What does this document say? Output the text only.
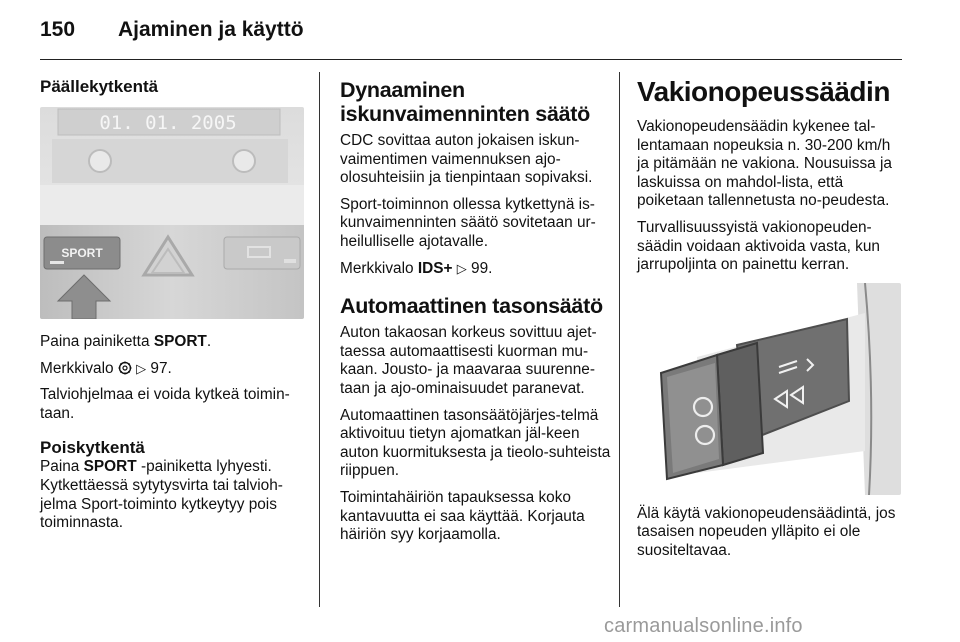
150 Ajaminen ja käyttö
Päällekytkentä
01. 01. 2005
SPORT

Paina painiketta SPORT.

Merkkivalo  ▷ 97.

Talviohjelmaa ei voida kytkeä toimin-taan.

Poiskytkentä

Paina SPORT -painiketta lyhyesti.

Kytkettäessä sytytysvirta tai talvioh-jelma Sport-toiminto kytkeytyy pois toiminnasta.

Dynaaminen iskunvaimenninten säätö

CDC sovittaa auton jokaisen iskun-vaimentimen vaimennuksen ajo-olosuhteisiin ja tienpintaan sopivaksi.

Sport-toiminnon ollessa kytkettynä is-kunvaimenninten säätö sovitetaan ur-heilulliselle ajotavalle.

Merkkivalo IDS+ ▷ 99.

Automaattinen tasonsäätö

Auton takaosan korkeus sovittuu ajet-taessa automaattisesti kuorman mu-kaan. Jousto- ja maavaraa suurenne-taan ja ajo-ominaisuudet paranevat.

Automaattinen tasonsäätöjärjes-telmä aktivoituu tietyn ajomatkan jäl-keen auton kuormituksesta ja tieolo-suhteista riippuen.

Toimintahäiriön tapauksessa koko kantavuutta ei saa käyttää. Korjauta häiriön syy korjaamolla.

Vakionopeussäädin

Vakionopeudensäädin kykenee tal-lentamaan nopeuksia n. 30-200 km/h ja pitämään ne vakiona. Nousuissa ja laskuissa on mahdol-lista, että poiketaan tallennetusta no-peudesta.

Turvallisuussyistä vakionopeuden-säädin voidaan aktivoida vasta, kun jarrupoljinta on painettu kerran.

Älä käytä vakionopeudensäädintä, jos tasaisen nopeuden ylläpito ei ole suositeltavaa.

carmanualsonline.info
